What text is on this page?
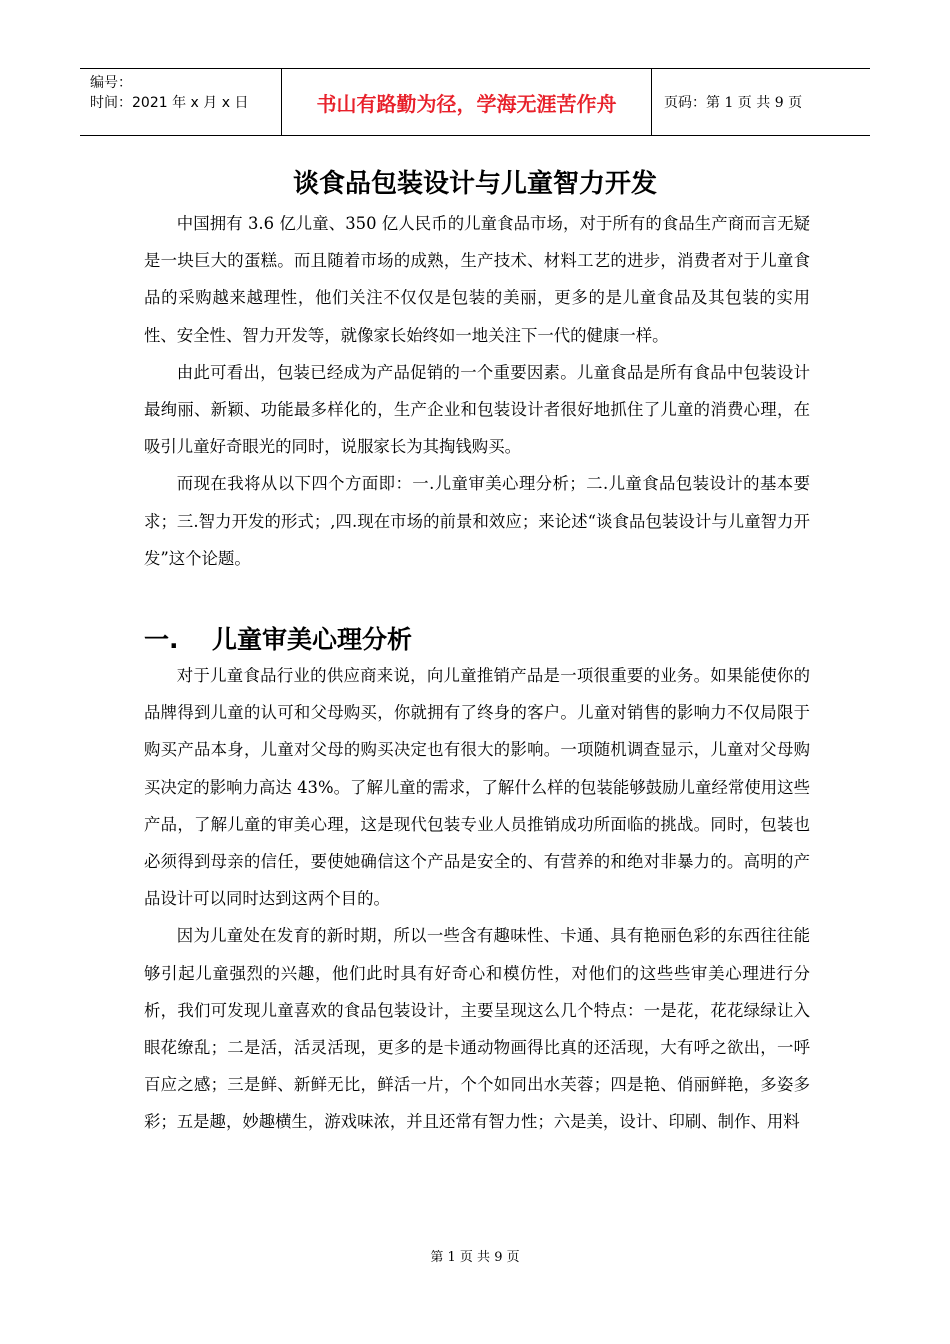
编号：
时间：2021 年 x 月 x 日	书山有路勤为径，学海无涯苦作舟	页码：第 1 页 共 9 页
谈食品包装设计与儿童智力开发

中国拥有 3.6 亿儿童、350 亿人民币的儿童食品市场，对于所有的食品生产商而言无疑是一块巨大的蛋糕。而且随着市场的成熟，生产技术、材料工艺的进步，消费者对于儿童食品的采购越来越理性，他们关注不仅仅是包装的美丽，更多的是儿童食品及其包装的实用性、安全性、智力开发等，就像家长始终如一地关注下一代的健康一样。

由此可看出，包装已经成为产品促销的一个重要因素。儿童食品是所有食品中包装设计最绚丽、新颖、功能最多样化的，生产企业和包装设计者很好地抓住了儿童的消费心理，在吸引儿童好奇眼光的同时，说服家长为其掏钱购买。

而现在我将从以下四个方面即：一.儿童审美心理分析；二.儿童食品包装设计的基本要求；三.智力开发的形式；,四.现在市场的前景和效应；来论述“谈食品包装设计与儿童智力开发”这个论题。

一.	儿童审美心理分析

对于儿童食品行业的供应商来说，向儿童推销产品是一项很重要的业务。如果能使你的品牌得到儿童的认可和父母购买，你就拥有了终身的客户。儿童对销售的影响力不仅局限于购买产品本身，儿童对父母的购买决定也有很大的影响。一项随机调查显示，儿童对父母购买决定的影响力高达 43%。了解儿童的需求，了解什么样的包装能够鼓励儿童经常使用这些产品，了解儿童的审美心理，这是现代包装专业人员推销成功所面临的挑战。同时，包装也必须得到母亲的信任，要使她确信这个产品是安全的、有营养的和绝对非暴力的。高明的产品设计可以同时达到这两个目的。

因为儿童处在发育的新时期，所以一些含有趣味性、卡通、具有艳丽色彩的东西往往能够引起儿童强烈的兴趣，他们此时具有好奇心和模仿性，对他们的这些些审美心理进行分析，我们可发现儿童喜欢的食品包装设计，主要呈现这么几个特点：一是花，花花绿绿让入眼花缭乱；二是活，活灵活现，更多的是卡通动物画得比真的还活现，大有呼之欲出，一呼百应之感；三是鲜、新鲜无比，鲜活一片，个个如同出水芙蓉；四是艳、俏丽鲜艳，多姿多彩；五是趣，妙趣横生，游戏味浓，并且还常有智力性；六是美，设计、印刷、制作、用料

第 1 页 共 9 页
